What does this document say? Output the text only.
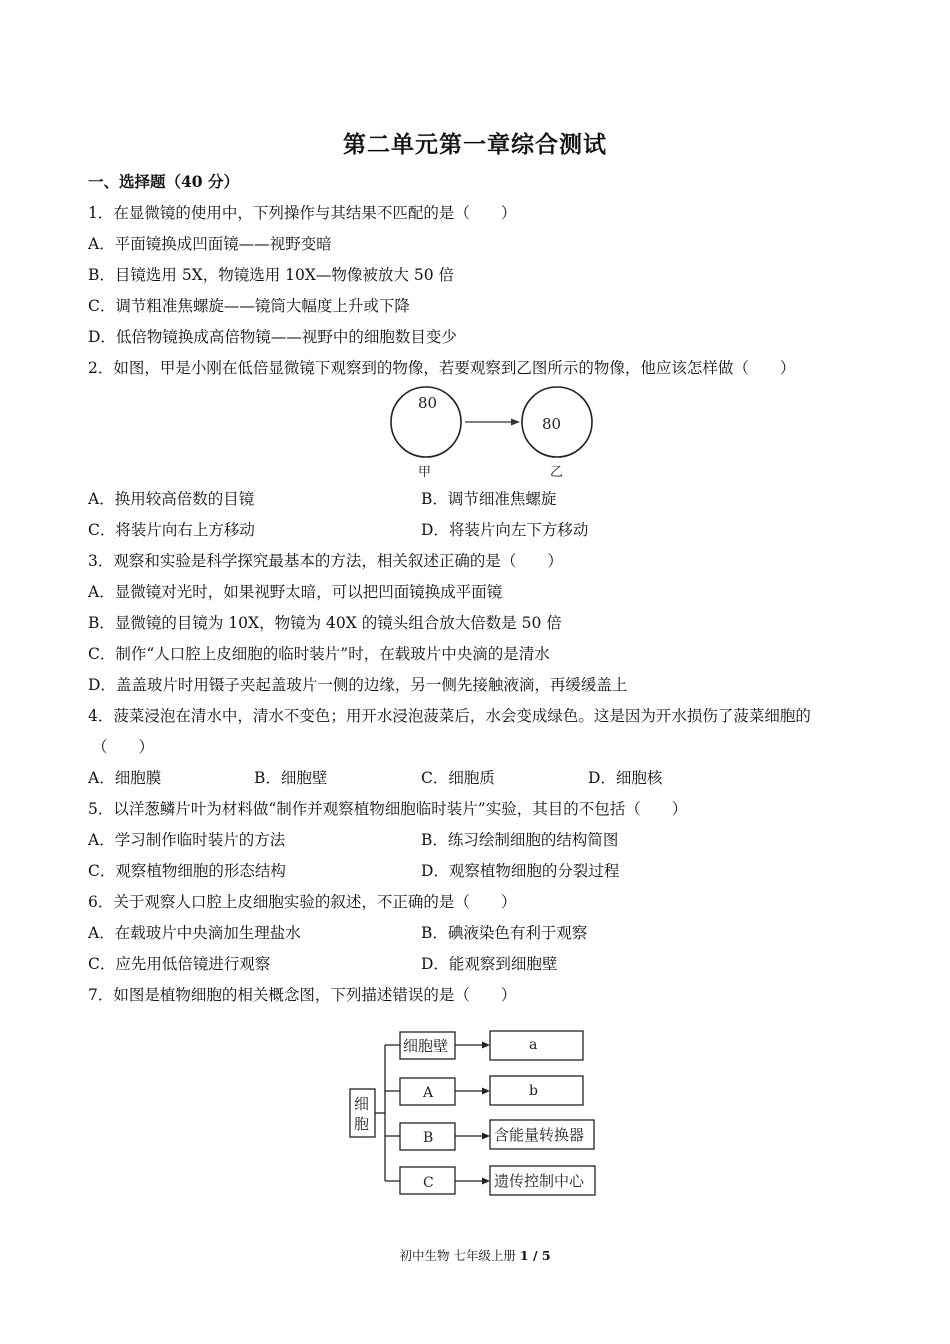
第二单元第一章综合测试
一、选择题（40 分）
1．在显微镜的使用中，下列操作与其结果不匹配的是（　　）
A．平面镜换成凹面镜——视野变暗
B．目镜选用 5X，物镜选用 10X—物像被放大 50 倍
C．调节粗准焦螺旋——镜筒大幅度上升或下降
D．低倍物镜换成高倍物镜——视野中的细胞数目变少
2．如图，甲是小刚在低倍显微镜下观察到的物像，若要观察到乙图所示的物像，他应该怎样做（　　）
80
80
甲	乙
A．换用较高倍数的目镜	B．调节细准焦螺旋
C．将装片向右上方移动	D．将装片向左下方移动
3．观察和实验是科学探究最基本的方法，相关叙述正确的是（　　）
A．显微镜对光时，如果视野太暗，可以把凹面镜换成平面镜
B．显微镜的目镜为 10X，物镜为 40X 的镜头组合放大倍数是 50 倍
C．制作“人口腔上皮细胞的临时装片”时，在载玻片中央滴的是清水
D．盖盖玻片时用镊子夹起盖玻片一侧的边缘，另一侧先接触液滴，再缓缓盖上
4．菠菜浸泡在清水中，清水不变色；用开水浸泡菠菜后，水会变成绿色。这是因为开水损伤了菠菜细胞的
（　　）
A．细胞膜	B．细胞壁	C．细胞质	D．细胞核
5．以洋葱鳞片叶为材料做“制作并观察植物细胞临时装片”实验，其目的不包括（　　）
A．学习制作临时装片的方法	B．练习绘制细胞的结构简图
C．观察植物细胞的形态结构	D．观察植物细胞的分裂过程
6．关于观察人口腔上皮细胞实验的叙述，不正确的是（　　）
A．在载玻片中央滴加生理盐水	B．碘液染色有利于观察
C．应先用低倍镜进行观察	D．能观察到细胞壁
7．如图是植物细胞的相关概念图，下列描述错误的是（　　）
细
胞
细胞壁
A
B
C
a
b
含能量转换器
遗传控制中心
初中生物 七年级上册 1 / 5
